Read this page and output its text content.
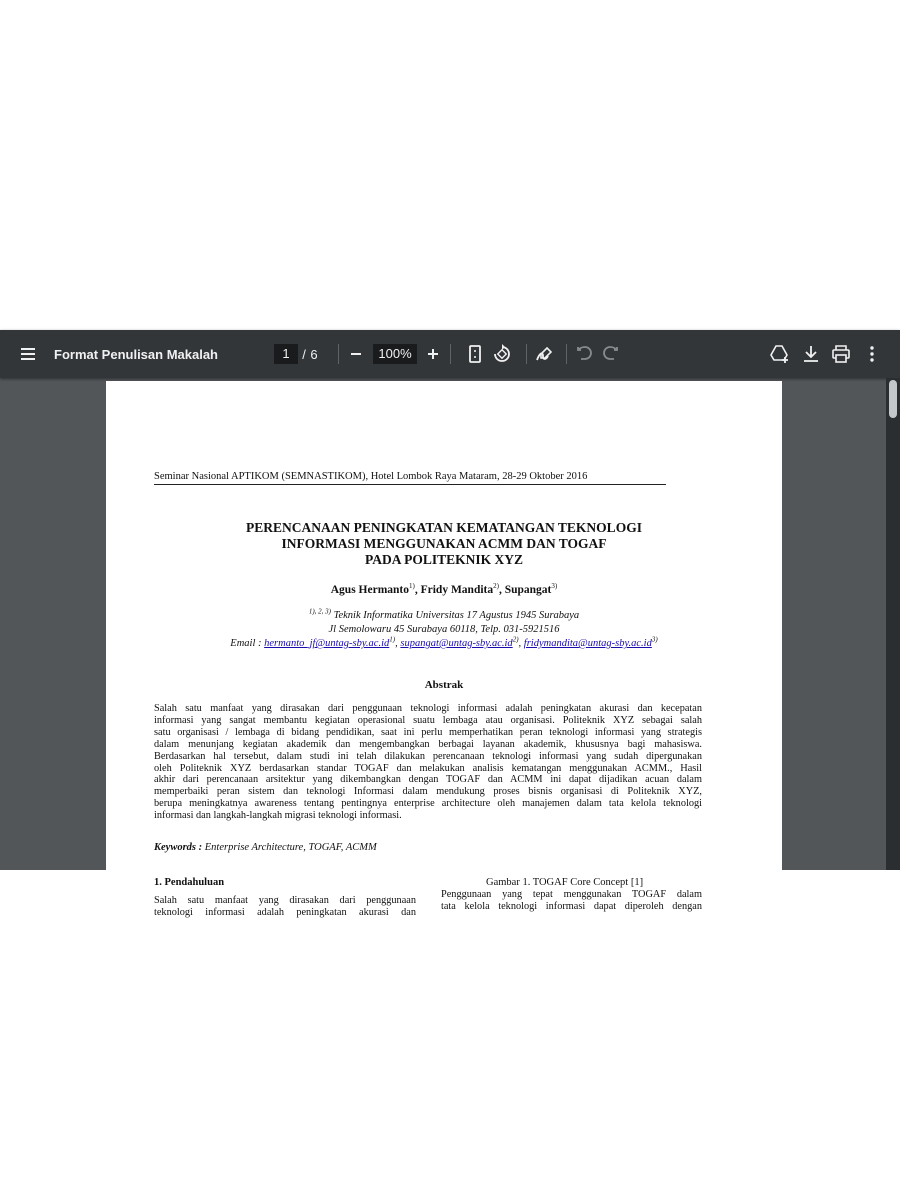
Format Penulisan Makalah	1 / 6	100%
Seminar Nasional APTIKOM (SEMNASTIKOM), Hotel Lombok Raya Mataram, 28-29 Oktober 2016
PERENCANAAN PENINGKATAN KEMATANGAN TEKNOLOGI
INFORMASI MENGGUNAKAN ACMM DAN TOGAF
PADA POLITEKNIK XYZ
Agus Hermanto$^{1)}$, Fridy Mandita$^{2)}$, Supangat$^{3)}$
$^{1), 2, 3)}$ Teknik Informatika Universitas 17 Agustus 1945 Surabaya
Jl Semolowaru 45 Surabaya 60118, Telp. 031-5921516
Email : $hermanto\_jf@untag-sby.ac.id^{1)}$, $supangat@untag-sby.ac.id^{2)}$, $fridymandita@untag-sby.ac.id^{3)}$
Abstrak
Salah satu manfaat yang dirasakan dari penggunaan teknologi informasi adalah peningkatan akurasi dan kecepatan
informasi yang sangat membantu kegiatan operasional suatu lembaga atau organisasi. Politeknik XYZ sebagai salah
satu organisasi / lembaga di bidang pendidikan, saat ini perlu memperhatikan peran teknologi informasi yang strategis
dalam menunjang kegiatan akademik dan mengembangkan berbagai layanan akademik, khususnya bagi mahasiswa.
Berdasarkan hal tersebut, dalam studi ini telah dilakukan perencanaan teknologi informasi yang sudah dipergunakan
oleh Politeknik XYZ berdasarkan standar TOGAF dan melakukan analisis kematangan menggunakan ACMM., Hasil
akhir dari perencanaan arsitektur yang dikembangkan dengan TOGAF dan ACMM ini dapat dijadikan acuan dalam
memperbaiki peran sistem dan teknologi Informasi dalam mendukung proses bisnis organisasi di Politeknik XYZ,
berupa meningkatnya awareness tentang pentingnya enterprise architecture oleh manajemen dalam tata kelola teknologi
informasi dan langkah-langkah migrasi teknologi informasi.
Keywords : Enterprise Architecture, TOGAF, ACMM
1. Pendahuluan	Gambar 1. TOGAF Core Concept [1]
Salah satu manfaat yang dirasakan dari penggunaan
teknologi informasi adalah peningkatan akurasi dan
Penggunaan yang tepat menggunakan TOGAF dalam
tata kelola teknologi informasi dapat diperoleh dengan
